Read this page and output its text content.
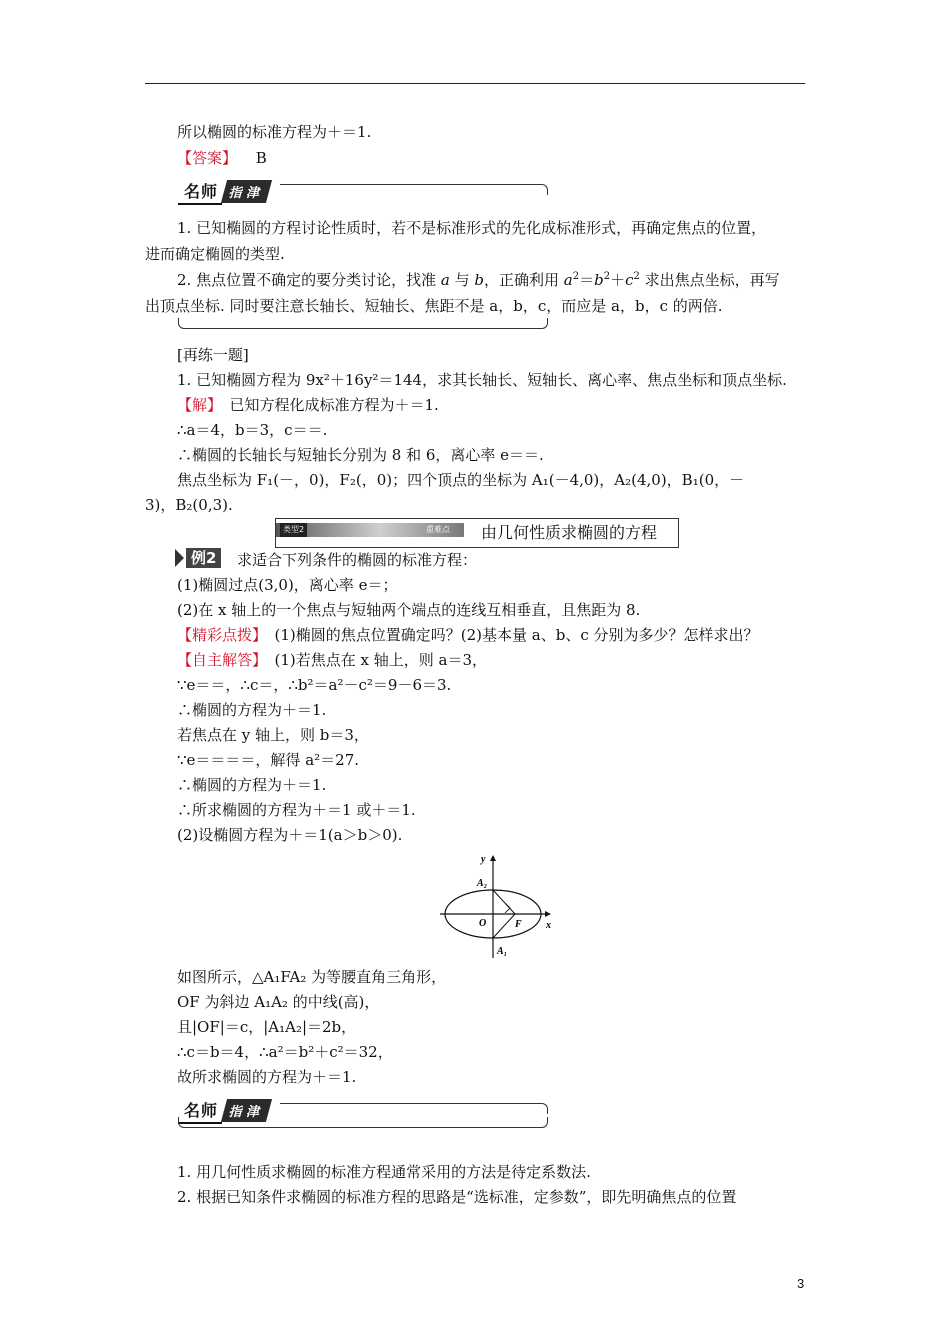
所以椭圆的标准方程为＋＝1.
【答案】 B
名师 指 津
1. 已知椭圆的方程讨论性质时，若不是标准形式的先化成标准形式，再确定焦点的位置，
进而确定椭圆的类型.
2. 焦点位置不确定的要分类讨论，找准 a 与 b，正确利用 $a^2=b^2+c^2$ 求出焦点坐标，再写
出顶点坐标. 同时要注意长轴长、短轴长、焦距不是 a，b，c，而应是 a，b，c 的两倍.
[再练一题]
1. 已知椭圆方程为 9x²＋16y²＝144，求其长轴长、短轴长、离心率、焦点坐标和顶点坐标.
【解】　已知方程化成标准方程为＋＝1.
∴a＝4，b＝3，c＝＝.
∴椭圆的长轴长与短轴长分别为 8 和 6，离心率 e＝＝.
焦点坐标为 F₁(－，0)，F₂(，0)；四个顶点的坐标为 A₁(－4,0)，A₂(4,0)，B₁(0，－
3)，B₂(0,3).
类型2	重难点 由几何性质求椭圆的方程
例2 　求适合下列条件的椭圆的标准方程：
(1)椭圆过点(3,0)，离心率 e＝；
(2)在 x 轴上的一个焦点与短轴两个端点的连线互相垂直，且焦距为 8.
【精彩点拨】　(1)椭圆的焦点位置确定吗？(2)基本量 a、b、c 分别为多少？怎样求出？
【自主解答】　(1)若焦点在 x 轴上，则 a＝3，
∵e＝＝，∴c＝，∴b²＝a²－c²＝9－6＝3.
∴椭圆的方程为＋＝1.
若焦点在 y 轴上，则 b＝3，
∵e＝＝＝＝，解得 a²＝27.
∴椭圆的方程为＋＝1.
∴所求椭圆的方程为＋＝1 或＋＝1.
(2)设椭圆方程为＋＝1(a＞b＞0).
y
x
A₂
A₁
O	F
如图所示，△A₁FA₂ 为等腰直角三角形，
OF 为斜边 A₁A₂ 的中线(高)，
且|OF|＝c，|A₁A₂|＝2b，
∴c＝b＝4，∴a²＝b²＋c²＝32，
故所求椭圆的方程为＋＝1.
名师 指 津
1. 用几何性质求椭圆的标准方程通常采用的方法是待定系数法.
2. 根据已知条件求椭圆的标准方程的思路是“选标准，定参数”，即先明确焦点的位置
3
